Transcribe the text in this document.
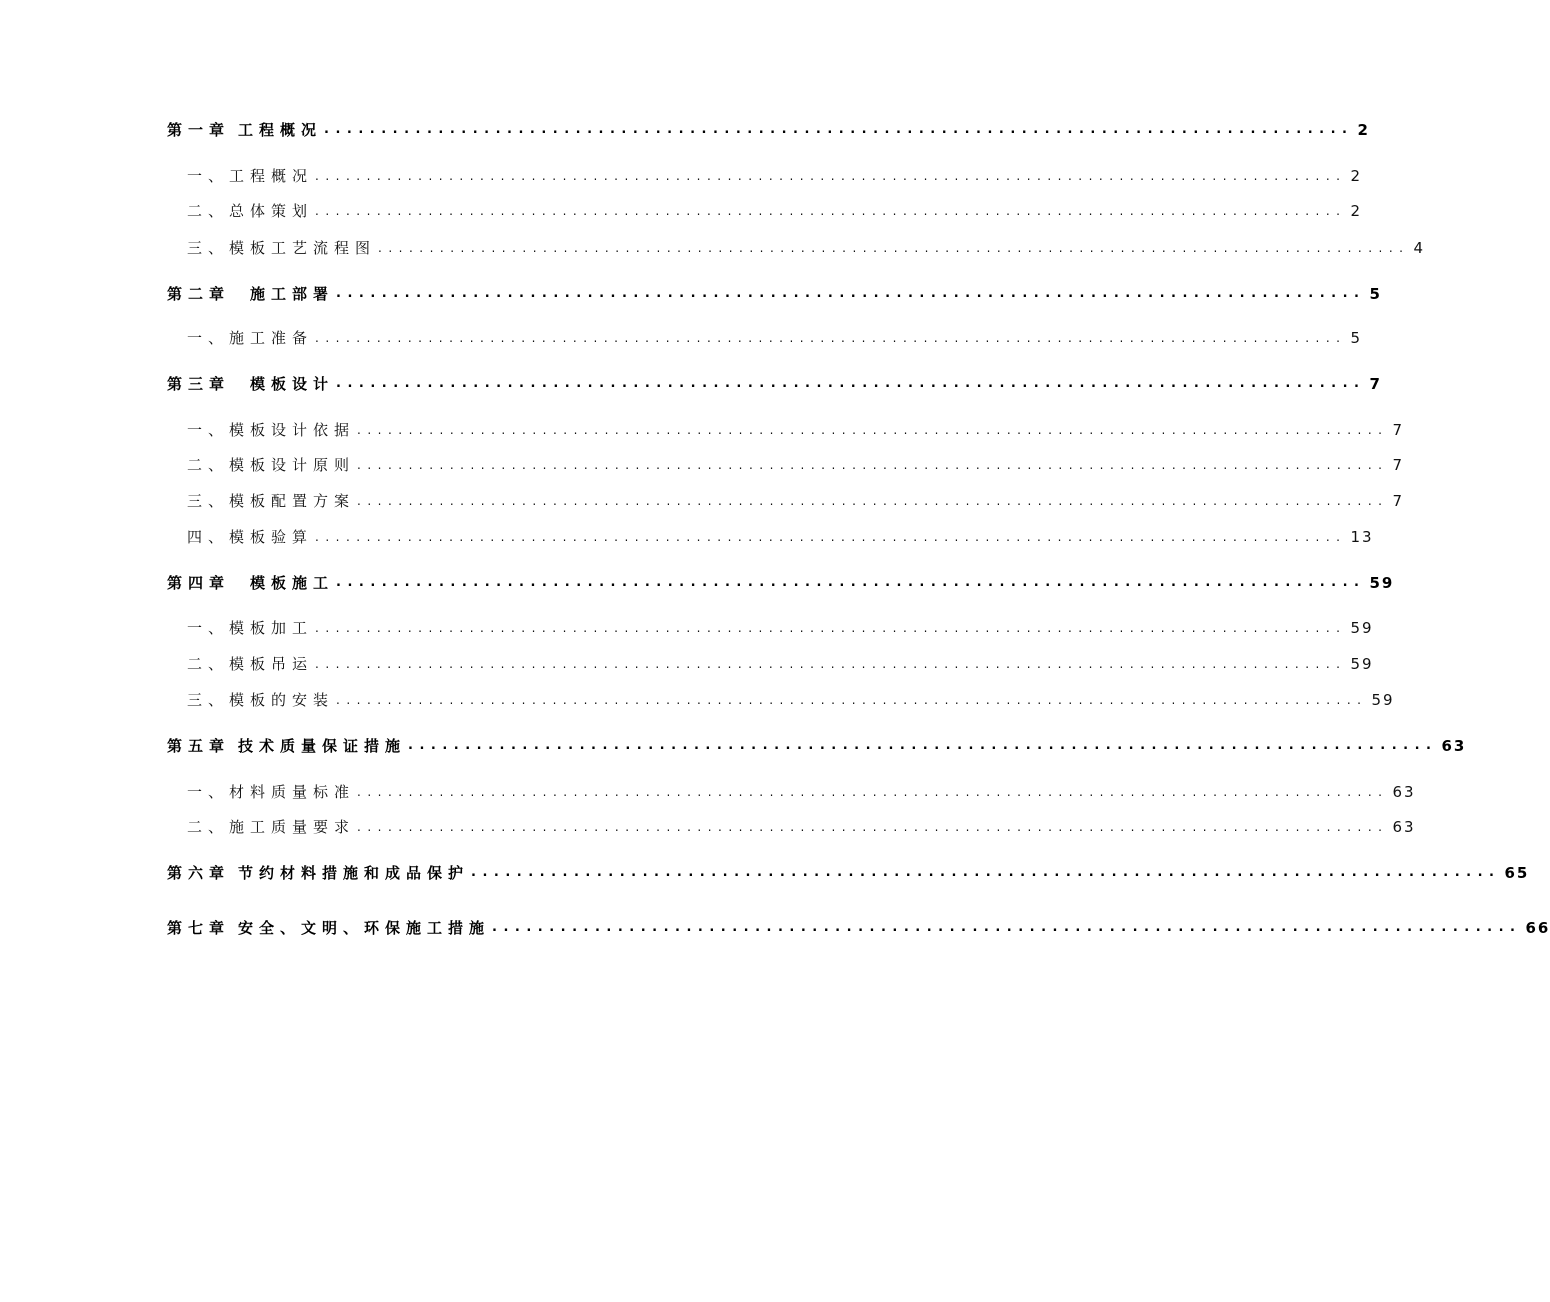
第一章 工程概况 .......................................................................................... 2
一、工程概况 .................................................................................................... 2
二、总体策划 .................................................................................................... 2
三、模板工艺流程图 .................................................................................................... 4
第二章 施工部署 .......................................................................................... 5
一、施工准备 .................................................................................................... 5
第三章 模板设计 .......................................................................................... 7
一、模板设计依据 .................................................................................................... 7
二、模板设计原则 .................................................................................................... 7
三、模板配置方案 .................................................................................................... 7
四、模板验算 .................................................................................................... 13
第四章 模板施工 .......................................................................................... 59
一、模板加工 .................................................................................................... 59
二、模板吊运 .................................................................................................... 59
三、模板的安装 .................................................................................................... 59
第五章 技术质量保证措施 .......................................................................................... 63
一、材料质量标准 .................................................................................................... 63
二、施工质量要求 .................................................................................................... 63
第六章 节约材料措施和成品保护 .......................................................................................... 65
第七章 安全、文明、环保施工措施 .......................................................................................... 66
